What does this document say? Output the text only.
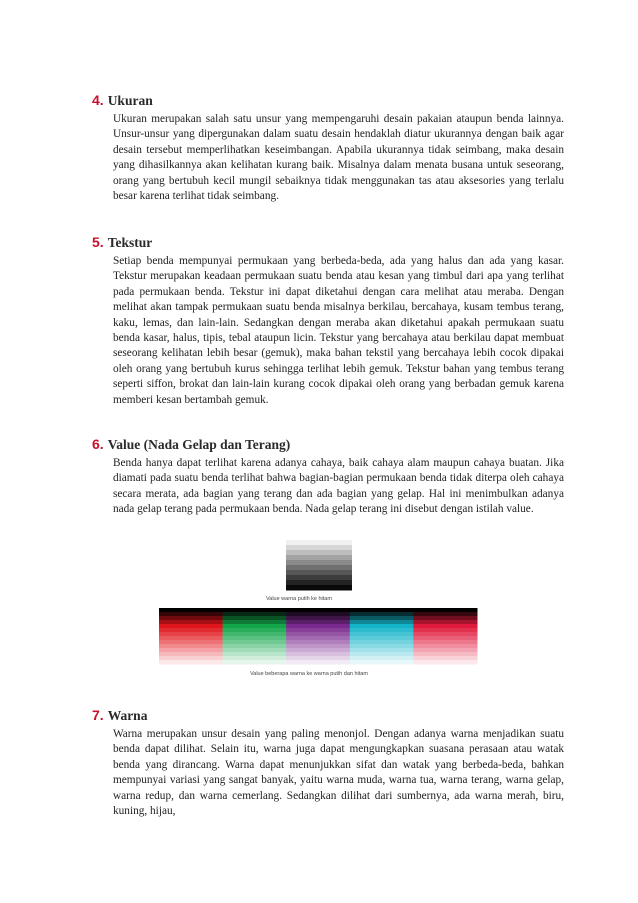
4. Ukuran

Ukuran merupakan salah satu unsur yang mempengaruhi desain pakaian ataupun benda lainnya. Unsur-unsur yang dipergunakan dalam suatu desain hendaklah diatur ukurannya dengan baik agar desain tersebut memperlihatkan keseimbangan. Apabila ukurannya tidak seimbang, maka desain yang dihasilkannya akan kelihatan kurang baik. Misalnya dalam menata busana untuk seseorang, orang yang bertubuh kecil mungil sebaiknya tidak menggunakan tas atau aksesories yang terlalu besar karena terlihat tidak seimbang.

5. Tekstur

Setiap benda mempunyai permukaan yang berbeda-beda, ada yang halus dan ada yang kasar. Tekstur merupakan keadaan permukaan suatu benda atau kesan yang timbul dari apa yang terlihat pada permukaan benda. Tekstur ini dapat diketahui dengan cara melihat atau meraba. Dengan melihat akan tampak permukaan suatu benda misalnya berkilau, bercahaya, kusam tembus terang, kaku, lemas, dan lain-lain. Sedangkan dengan meraba akan diketahui apakah permukaan suatu benda kasar, halus, tipis, tebal ataupun licin. Tekstur yang bercahaya atau berkilau dapat membuat seseorang kelihatan lebih besar (gemuk), maka bahan tekstil yang bercahaya lebih cocok dipakai oleh orang yang bertubuh kurus sehingga terlihat lebih gemuk. Tekstur bahan yang tembus terang seperti siffon, brokat dan lain-lain kurang cocok dipakai oleh orang yang berbadan gemuk karena memberi kesan bertambah gemuk.

6. Value (Nada Gelap dan Terang)

Benda hanya dapat terlihat karena adanya cahaya, baik cahaya alam maupun cahaya buatan. Jika diamati pada suatu benda terlihat bahwa bagian-bagian permukaan benda tidak diterpa oleh cahaya secara merata, ada bagian yang terang dan ada bagian yang gelap. Hal ini menimbulkan adanya nada gelap terang pada permukaan benda. Nada gelap terang ini disebut dengan istilah value.

Value warna putih ke hitam
Value beberapa warna ke warna putih dan hitam
7. Warna

Warna merupakan unsur desain yang paling menonjol. Dengan adanya warna menjadikan suatu benda dapat dilihat. Selain itu, warna juga dapat mengungkapkan suasana perasaan atau watak benda yang dirancang. Warna dapat menunjukkan sifat dan watak yang berbeda-beda, bahkan mempunyai variasi yang sangat banyak, yaitu warna muda, warna tua, warna terang, warna gelap, warna redup, dan warna cemerlang. Sedangkan dilihat dari sumbernya, ada warna merah, biru, kuning, hijau,
